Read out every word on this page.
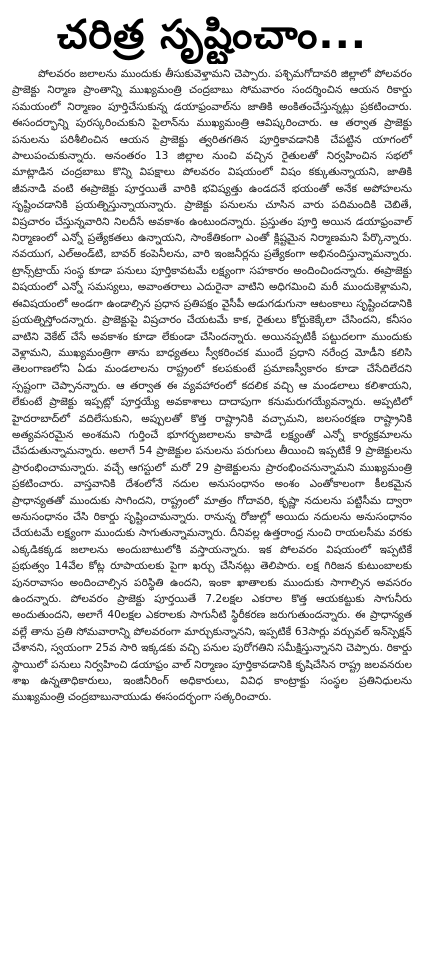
చరిత్ర సృష్టించాం...

పోలవరం జలాలను ముందుకు తీసుకువెళ్తామని చెప్పారు. పశ్చిమగోదావరి జిల్లాలో పోలవరం ప్రాజెక్టు నిర్మాణ ప్రాంతాన్ని ముఖ్యమంత్రి చంద్రబాబు సోమవారం సందర్శించిన ఆయన రికార్డు సమయంలో నిర్మాణం పూర్తిచేసుకున్న డయాఫ్రంవాల్‌ను జాతికి అంకితంచేస్తున్నట్లు ప్రకటించారు. ఈసందర్భాన్ని పురస్కరించుకుని పైలాన్‌ను ముఖ్యమంత్రి ఆవిష్కరించారు. ఆ తర్వాత ప్రాజెక్టు పనులను పరిశీలించిన ఆయన ప్రాజెక్టు త్వరితగతిన పూర్తికావడానికి చేపట్టిన యాగంలో పాలుపంచుకున్నారు. అనంతరం 13 జిల్లాల నుంచి వచ్చిన రైతులతో నిర్వహించిన సభలో మాట్లాడిన చంద్రబాబు కొన్ని విపక్షాలు పోలవరం విషయంలో విషం కక్కుతున్నాయని, జాతికి జీవనాడి వంటి ఈప్రాజెక్టు పూర్తయితే వారికి భవిష్యత్తు ఉండదనే భయంతో అనేక అపోహలను సృష్టించడానికి ప్రయత్నిస్తున్నాయన్నారు. ప్రాజెక్టు పనులను చూసిన వారు పదిమందికి చెబితే, విష్రచారం చేస్తున్నవారిని నిలదీసే అవకాశం ఉంటుందన్నారు. ప్రస్తుతం పూర్తి అయిన డయాఫ్రంవాల్ నిర్మాణంలో ఎన్నో ప్రత్యేకతలు ఉన్నాయని, సాంకేతికంగా ఎంతో క్లిష్టమైన నిర్మాణమని పేర్కొన్నారు. నవయుగ, ఎల్అండ్‌టి, బావర్ కంపెనీలను, వారి ఇంజనీర్లను ప్రత్యేకంగా అభినందిస్తున్నామన్నారు. ట్రాన్స్‌ట్రాయ్ సంస్థ కూడా పనులు పూర్తికావటమే లక్ష్యంగా సహకారం అందించిందన్నారు. ఈప్రాజెక్టు విషయంలో ఎన్నో సమస్యలు, అవాంతరాలు ఎదురైనా వాటిని అధిగమించి మరీ ముందుకెళ్లామని, ఈవిషయంలో అండగా ఉండాల్సిన ప్రధాన ప్రతిపక్షం వైసీపీ అడుగడుగునా ఆటంకాలు సృష్టించడానికి ప్రయత్నిస్తోందన్నారు. ప్రాజెక్టుపై విష్రచారం చేయటమే కాక, రైతులు కోర్టుకెక్కేలా చేసిందని, కనీసం వాటిని వెకేట్ చేసే అవకాశం కూడా లేకుండా చేసిందన్నారు. అయినప్పటికీ పట్టుదలగా ముందుకు వెళ్లామని, ముఖ్యమంత్రిగా తాను బాధ్యతలు స్వీకరించక ముందే ప్రధాని నరేంద్ర మోడీని కలిసి తెలంగాణలోని ఏడు మండలాలను రాష్ట్రంలో కలపకుంటే ప్రమాణస్వీకారం కూడా చేసేదిలేదని స్పష్టంగా చెప్పానన్నారు. ఆ తర్వాత ఈ వ్యవహారంలో కదలిక వచ్చి ఆ మండలాలు కలిశాయని, లేకుంటే ప్రాజెక్టు ఇప్పట్లో పూర్తయ్యే అవకాశాలు దాదాపుగా కనుమరుగయ్యేవన్నారు. అప్పటిలో హైదరాబాద్‌లో వదిలేసుకుని, అప్పులతో కొత్త రాష్ట్రానికి వచ్చామని, జలసంరక్షణ రాష్ట్రానికి అత్యవసరమైన అంశమని గుర్తించే భూగర్భజలాలను కాపాడే లక్ష్యంతో ఎన్నో కార్యక్రమాలను చేపడుతున్నామన్నారు. అలాగే 54 ప్రాజెక్టుల పనులను పరుగులు తీయించి ఇప్పటికే 9 ప్రాజెక్టులను ప్రారంభించామన్నారు. వచ్చే ఆగస్టులో మరో 29 ప్రాజెక్టులను ప్రారంభించనున్నామని ముఖ్యమంత్రి ప్రకటించారు. వాస్తవానికి దేశంలోనే నదుల అనుసంధానం అంశం ఎంతోకాలంగా కీలకమైన ప్రాధాన్యతతో ముందుకు సాగిందని, రాష్ట్రంలో మాత్రం గోదావరి, కృష్ణా నదులను పట్టిసీమ ద్వారా అనుసంధానం చేసి రికార్డు సృష్టించామన్నారు. రానున్న రోజుల్లో అయిదు నదులను అనుసంధానం చేయటమే లక్ష్యంగా ముందుకు సాగుతున్నామన్నారు. దీనివల్ల ఉత్తరాంధ్ర నుంచి రాయలసీమ వరకు ఎక్కడికక్కడ జలాలను అందుబాటులోకి వస్తాయన్నారు. ఇక పోలవరం విషయంలో ఇప్పటికే ప్రభుత్వం 14వేల కోట్ల రూపాయలకు పైగా ఖర్చు చేసినట్లు తెలిపారు. లక్ష గిరిజన కుటుంబాలకు పునరావాసం అందించాల్సిన పరిస్థితి ఉందని, ఇంకా ఖాతాలకు ముందుకు సాగాల్సిన అవసరం ఉందన్నారు. పోలవరం ప్రాజెక్టు పూర్తయితే 7.2లక్షల ఎకరాల కొత్త ఆయకట్టుకు సాగునీరు అందుతుందని, అలాగే 40లక్షల ఎకరాలకు సాగునీటి స్థిరీకరణ జరుగుతుందన్నారు. ఈ ప్రాధాన్యత వల్లే తాను ప్రతి సోమవారాన్ని పోలవరంగా మార్చుకున్నానని, ఇప్పటికే 63సార్లు వర్చువల్ ఇన్‌స్పెక్షన్ చేశానని, స్వయంగా 25వ సారి ఇక్కడకు వచ్చి పనుల పురోగతిని సమీక్షిస్తున్నానని చెప్పారు. రికార్డు స్థాయిలో పనులు నిర్వహించి డయాఫ్రం వాల్ నిర్మాణం పూర్తికావడానికి కృషిచేసిన రాష్ట్ర జలవనరుల శాఖ ఉన్నతాధికారులు, ఇంజినీరింగ్ అధికారులు, వివిధ కాంట్రాక్టు సంస్థల ప్రతినిధులను ముఖ్యమంత్రి చంద్రబాబునాయుడు ఈసందర్భంగా సత్కరించారు.
